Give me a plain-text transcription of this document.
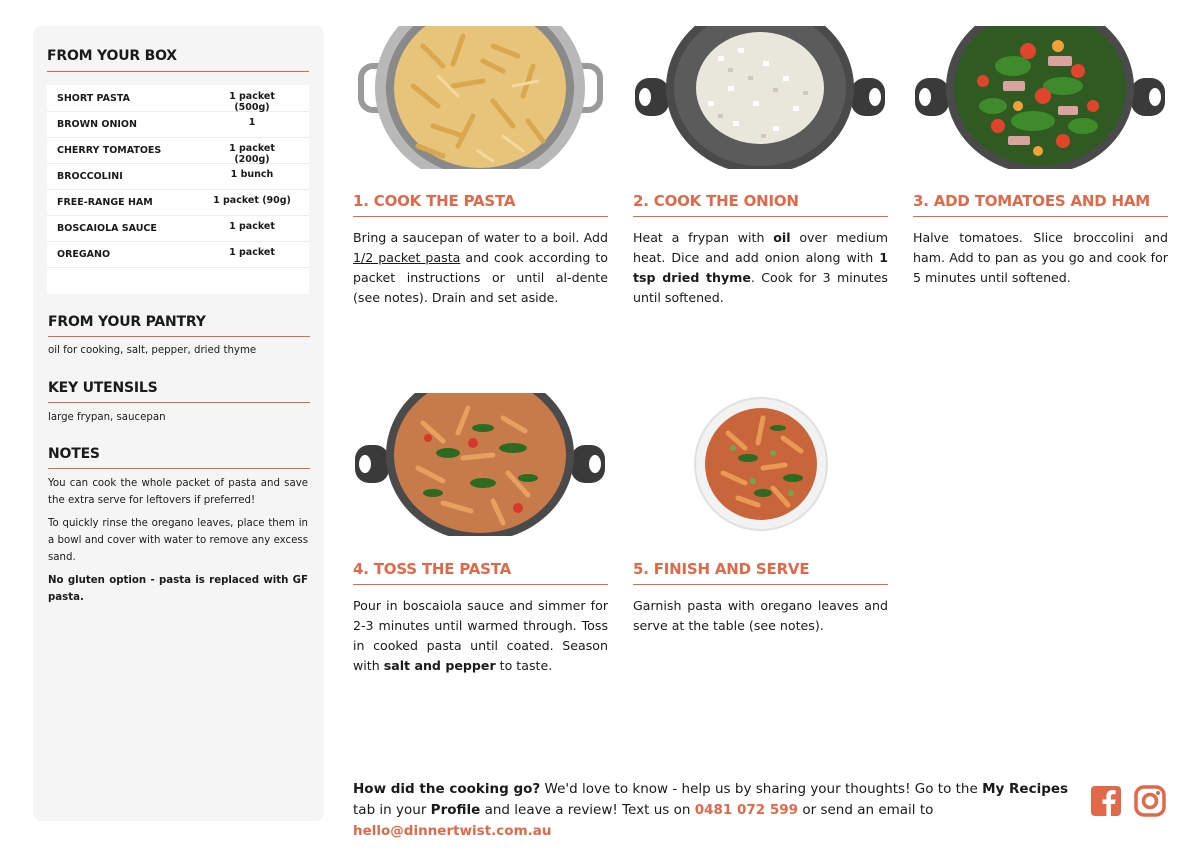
FROM YOUR BOX
SHORT PASTA	1 packet (500g)
BROWN ONION	1
CHERRY TOMATOES	1 packet (200g)
BROCCOLINI	1 bunch
FREE-RANGE HAM	1 packet (90g)
BOSCAIOLA SAUCE	1 packet
OREGANO	1 packet
FROM YOUR PANTRY
oil for cooking, salt, pepper, dried thyme
KEY UTENSILS
large frypan, saucepan
NOTES

You can cook the whole packet of pasta and save the extra serve for leftovers if preferred!

To quickly rinse the oregano leaves, place them in a bowl and cover with water to remove any excess sand.

No gluten option - pasta is replaced with GF pasta.

1. COOK THE PASTA
Bring a saucepan of water to a boil. Add 1/2 packet pasta and cook according to packet instructions or until al-dente (see notes). Drain and set aside.
2. COOK THE ONION
Heat a frypan with oil over medium heat. Dice and add onion along with 1 tsp dried thyme. Cook for 3 minutes until softened.
3. ADD TOMATOES AND HAM
Halve tomatoes. Slice broccolini and ham. Add to pan as you go and cook for 5 minutes until softened.
4. TOSS THE PASTA
Pour in boscaiola sauce and simmer for 2-3 minutes until warmed through. Toss in cooked pasta until coated. Season with salt and pepper to taste.
5. FINISH AND SERVE
Garnish pasta with oregano leaves and serve at the table (see notes).
How did the cooking go? We'd love to know - help us by sharing your thoughts! Go to the My Recipes tab in your Profile and leave a review! Text us on 0481 072 599 or send an email to hello@dinnertwist.com.au
